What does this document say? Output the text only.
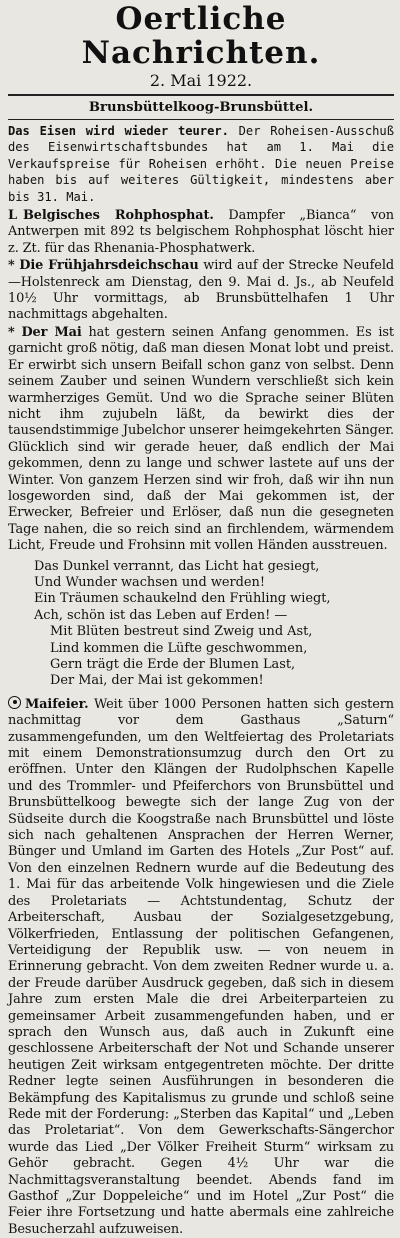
Oertliche Nachrichten.
2. Mai 1922.
Brunsbüttelkoog-Brunsbüttel.

Das Eisen wird wieder teurer. Der Roheisen-Ausschuß des Eisenwirtschaftsbundes hat am 1. Mai die Verkaufspreise für Roheisen erhöht. Die neuen Preise haben bis auf weiteres Gültigkeit, mindestens aber bis 31. Mai.

L Belgisches Rohphosphat. Dampfer „Bianca“ von Antwerpen mit 892 ts belgischem Rohphosphat löscht hier z. Zt. für das Rhenania-Phosphatwerk.

* Die Frühjahrsdeichschau wird auf der Strecke Neufeld—Holstenreck am Dienstag, den 9. Mai d. Js., ab Neufeld 10½ Uhr vormittags, ab Brunsbüttelhafen 1 Uhr nachmittags abgehalten.

* Der Mai hat gestern seinen Anfang genommen. Es ist garnicht groß nötig, daß man diesen Monat lobt und preist. Er erwirbt sich unsern Beifall schon ganz von selbst. Denn seinem Zauber und seinen Wundern verschließt sich kein warmherziges Gemüt. Und wo die Sprache seiner Blüten nicht ihm zujubeln läßt, da bewirkt dies der tausendstimmige Jubelchor unserer heimgekehrten Sänger. Glücklich sind wir gerade heuer, daß endlich der Mai gekommen, denn zu lange und schwer lastete auf uns der Winter. Von ganzem Herzen sind wir froh, daß wir ihn nun losgeworden sind, daß der Mai gekommen ist, der Erwecker, Befreier und Erlöser, daß nun die gesegneten Tage nahen, die so reich sind an firchlendem, wärmendem Licht, Freude und Frohsinn mit vollen Händen ausstreuen.

Das Dunkel verrannt, das Licht hat gesiegt,
Und Wunder wachsen und werden!
Ein Träumen schaukelnd den Frühling wiegt,
Ach, schön ist das Leben auf Erden! —
Mit Blüten bestreut sind Zweig und Ast,
Lind kommen die Lüfte geschwommen,
Gern trägt die Erde der Blumen Last,
Der Mai, der Mai ist gekommen!

Maifeier. Weit über 1000 Personen hatten sich gestern nachmittag vor dem Gasthaus „Saturn“ zusammengefunden, um den Weltfeiertag des Proletariats mit einem Demonstrationsumzug durch den Ort zu eröffnen. Unter den Klängen der Rudolphschen Kapelle und des Trommler- und Pfeiferchors von Brunsbüttel und Brunsbüttelkoog bewegte sich der lange Zug von der Südseite durch die Koogstraße nach Brunsbüttel und löste sich nach gehaltenen Ansprachen der Herren Werner, Bünger und Umland im Garten des Hotels „Zur Post“ auf. Von den einzelnen Rednern wurde auf die Bedeutung des 1. Mai für das arbeitende Volk hingewiesen und die Ziele des Proletariats — Achtstundentag, Schutz der Arbeiterschaft, Ausbau der Sozialgesetzgebung, Völkerfrieden, Entlassung der politischen Gefangenen, Verteidigung der Republik usw. — von neuem in Erinnerung gebracht. Von dem zweiten Redner wurde u. a. der Freude darüber Ausdruck gegeben, daß sich in diesem Jahre zum ersten Male die drei Arbeiterparteien zu gemeinsamer Arbeit zusammengefunden haben, und er sprach den Wunsch aus, daß auch in Zukunft eine geschlossene Arbeiterschaft der Not und Schande unserer heutigen Zeit wirksam entgegentreten möchte. Der dritte Redner legte seinen Ausführungen in besonderen die Bekämpfung des Kapitalismus zu grunde und schloß seine Rede mit der Forderung: „Sterben das Kapital“ und „Leben das Proletariat“. Von dem Gewerkschafts-Sängerchor wurde das Lied „Der Völker Freiheit Sturm“ wirksam zu Gehör gebracht. Gegen 4½ Uhr war die Nachmittagsveranstaltung beendet. Abends fand im Gasthof „Zur Doppeleiche“ und im Hotel „Zur Post“ die Feier ihre Fortsetzung und hatte abermals eine zahlreiche Besucherzahl aufzuweisen.
